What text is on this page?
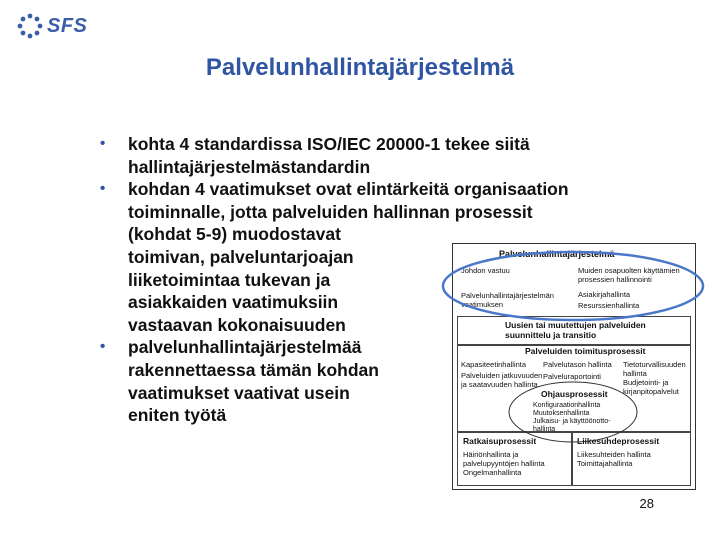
SFS
Palvelunhallintajärjestelmä
• kohta 4 standardissa ISO/IEC 20000-1 tekee siitä hallintajärjestelmästandardin
• kohdan 4 vaatimukset ovat elintärkeitä organisaation
toiminnalle, jotta palveluiden hallinnan prosessit
(kohdat 5-9) muodostavat
toimivan, palveluntarjoajan
liiketoimintaa tukevan ja
asiakkaiden vaatimuksiin
vastaavan kokonaisuuden
• palvelunhallintajärjestelmää
rakennettaessa tämän kohdan
vaatimukset vaativat usein
eniten työtä
Palvelunhallintajärjestelmä
Johdon vastuu
Palvelunhallintajärjestelmän
vaatimuksen
Muiden osapuolten käyttämien
prosessien hallinnointi
Asiakirjahallinta
Resurssienhallinta
Uusien tai muutettujen palveluiden
suunnittelu ja transitio
Palveluiden toimitusprosessit
Kapasiteetinhallinta Palvelutason hallinta Tietoturvallisuuden
hallinta
Palveluiden jatkuvuuden
ja saatavuuden hallinta
Palveluraportointi
Budjetointi- ja
kirjanpitopalvelut
Ohjausprosessit
Konfiguraationhallinta
Muutoksenhallinta
Julkaisu- ja käyttöönotto-
hallinta
Ratkaisuprosessit
Häiriönhallinta ja
palvelupyyntöjen hallinta
Ongelmanhallinta
Liikesuhdeprosessit
Liikesuhteiden hallinta
Toimittajahallinta
28
